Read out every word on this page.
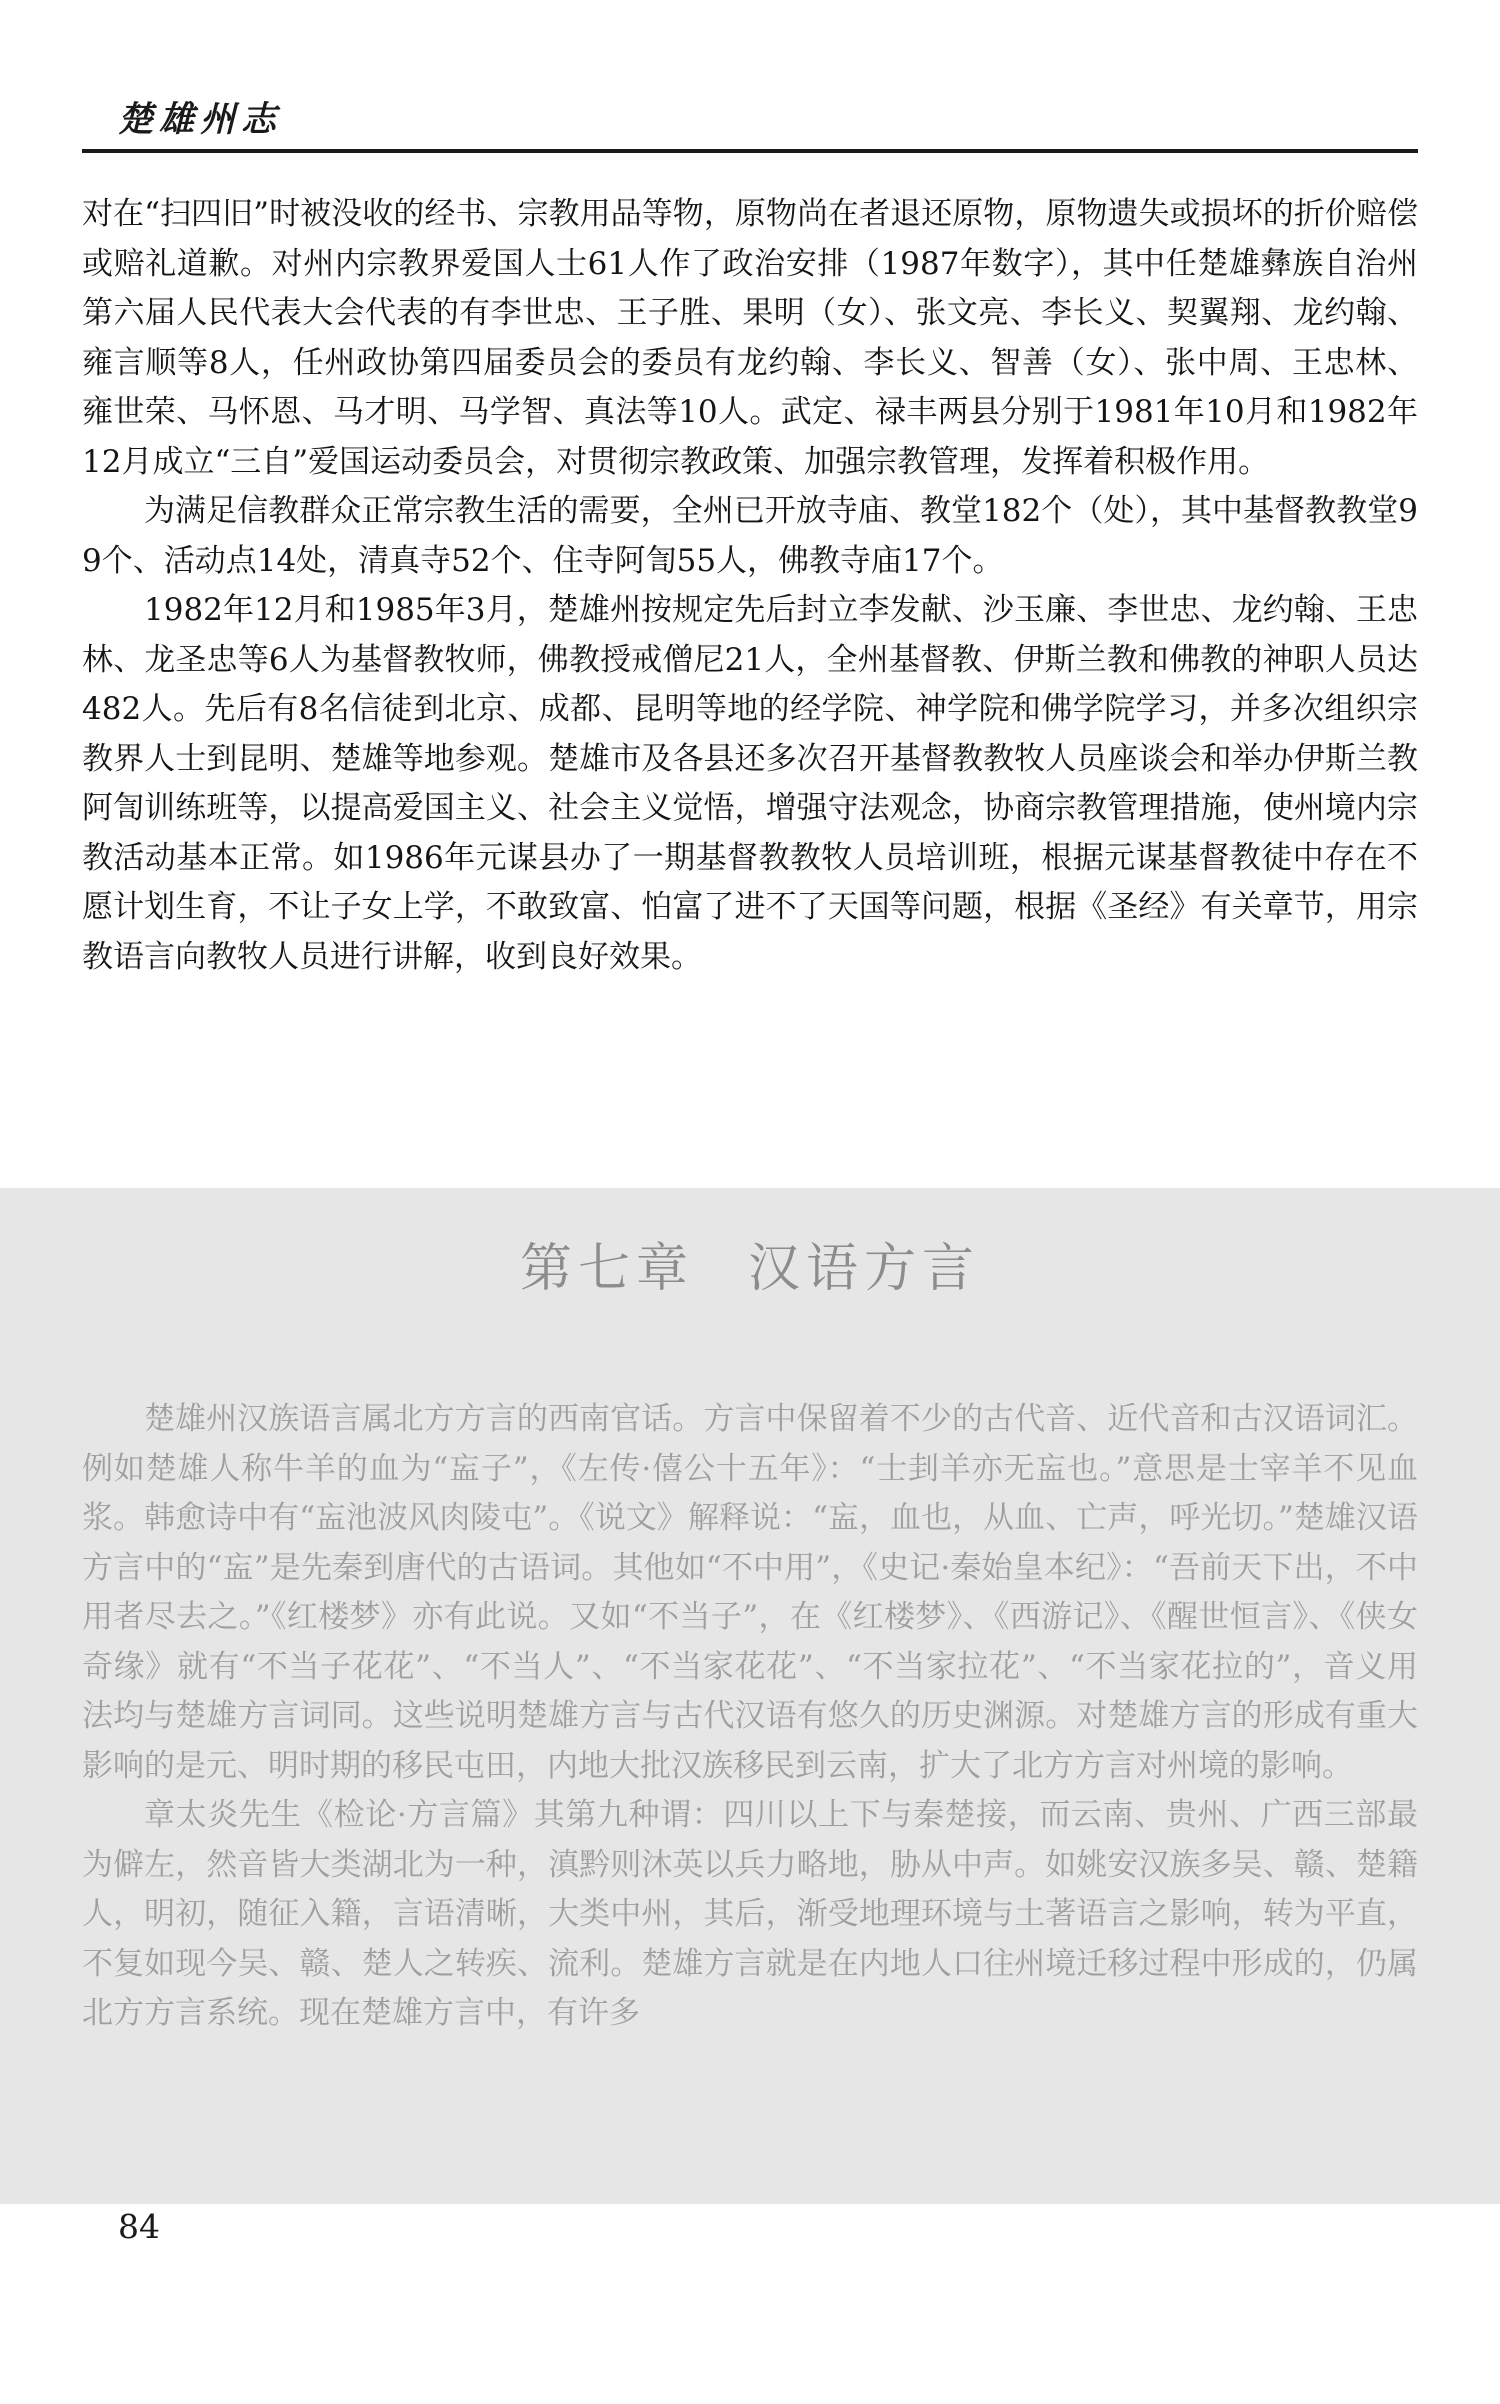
楚雄州志

对在“扫四旧”时被没收的经书、宗教用品等物，原物尚在者退还原物，原物遗失或损坏的折价赔偿或赔礼道歉。对州内宗教界爱国人士61人作了政治安排（1987年数字），其中任楚雄彝族自治州第六届人民代表大会代表的有李世忠、王子胜、果明（女）、张文亮、李长义、契翼翔、龙约翰、雍言顺等8人，任州政协第四届委员会的委员有龙约翰、李长义、智善（女）、张中周、王忠林、雍世荣、马怀恩、马才明、马学智、真法等10人。武定、禄丰两县分别于1981年10月和1982年12月成立“三自”爱国运动委员会，对贯彻宗教政策、加强宗教管理，发挥着积极作用。

为满足信教群众正常宗教生活的需要，全州已开放寺庙、教堂182个（处），其中基督教教堂99个、活动点14处，清真寺52个、住寺阿訇55人，佛教寺庙17个。

1982年12月和1985年3月，楚雄州按规定先后封立李发献、沙玉廉、李世忠、龙约翰、王忠林、龙圣忠等6人为基督教牧师，佛教授戒僧尼21人，全州基督教、伊斯兰教和佛教的神职人员达482人。先后有8名信徒到北京、成都、昆明等地的经学院、神学院和佛学院学习，并多次组织宗教界人士到昆明、楚雄等地参观。楚雄市及各县还多次召开基督教教牧人员座谈会和举办伊斯兰教阿訇训练班等，以提高爱国主义、社会主义觉悟，增强守法观念，协商宗教管理措施，使州境内宗教活动基本正常。如1986年元谋县办了一期基督教教牧人员培训班，根据元谋基督教徒中存在不愿计划生育，不让子女上学，不敢致富、怕富了进不了天国等问题，根据《圣经》有关章节，用宗教语言向教牧人员进行讲解，收到良好效果。

第七章 汉语方言

楚雄州汉族语言属北方方言的西南官话。方言中保留着不少的古代音、近代音和古汉语词汇。例如楚雄人称牛羊的血为“衁子”，《左传·僖公十五年》：“士刲羊亦无衁也。”意思是士宰羊不见血浆。韩愈诗中有“衁池波风肉陵屯”。《说文》解释说：“衁，血也，从血、亡声，呼光切。”楚雄汉语方言中的“衁”是先秦到唐代的古语词。其他如“不中用”，《史记·秦始皇本纪》：“吾前天下出，不中用者尽去之。”《红楼梦》亦有此说。又如“不当子”，在《红楼梦》、《西游记》、《醒世恒言》、《侠女奇缘》就有“不当子花花”、“不当人”、“不当家花花”、“不当家拉花”、“不当家花拉的”，音义用法均与楚雄方言词同。这些说明楚雄方言与古代汉语有悠久的历史渊源。对楚雄方言的形成有重大影响的是元、明时期的移民屯田，内地大批汉族移民到云南，扩大了北方方言对州境的影响。

章太炎先生《检论·方言篇》其第九种谓：四川以上下与秦楚接，而云南、贵州、广西三部最为僻左，然音皆大类湖北为一种，滇黔则沐英以兵力略地，胁从中声。如姚安汉族多吴、赣、楚籍人，明初，随征入籍，言语清晰，大类中州，其后，渐受地理环境与土著语言之影响，转为平直，不复如现今吴、赣、楚人之转疾、流利。楚雄方言就是在内地人口往州境迁移过程中形成的，仍属北方方言系统。现在楚雄方言中，有许多

84
